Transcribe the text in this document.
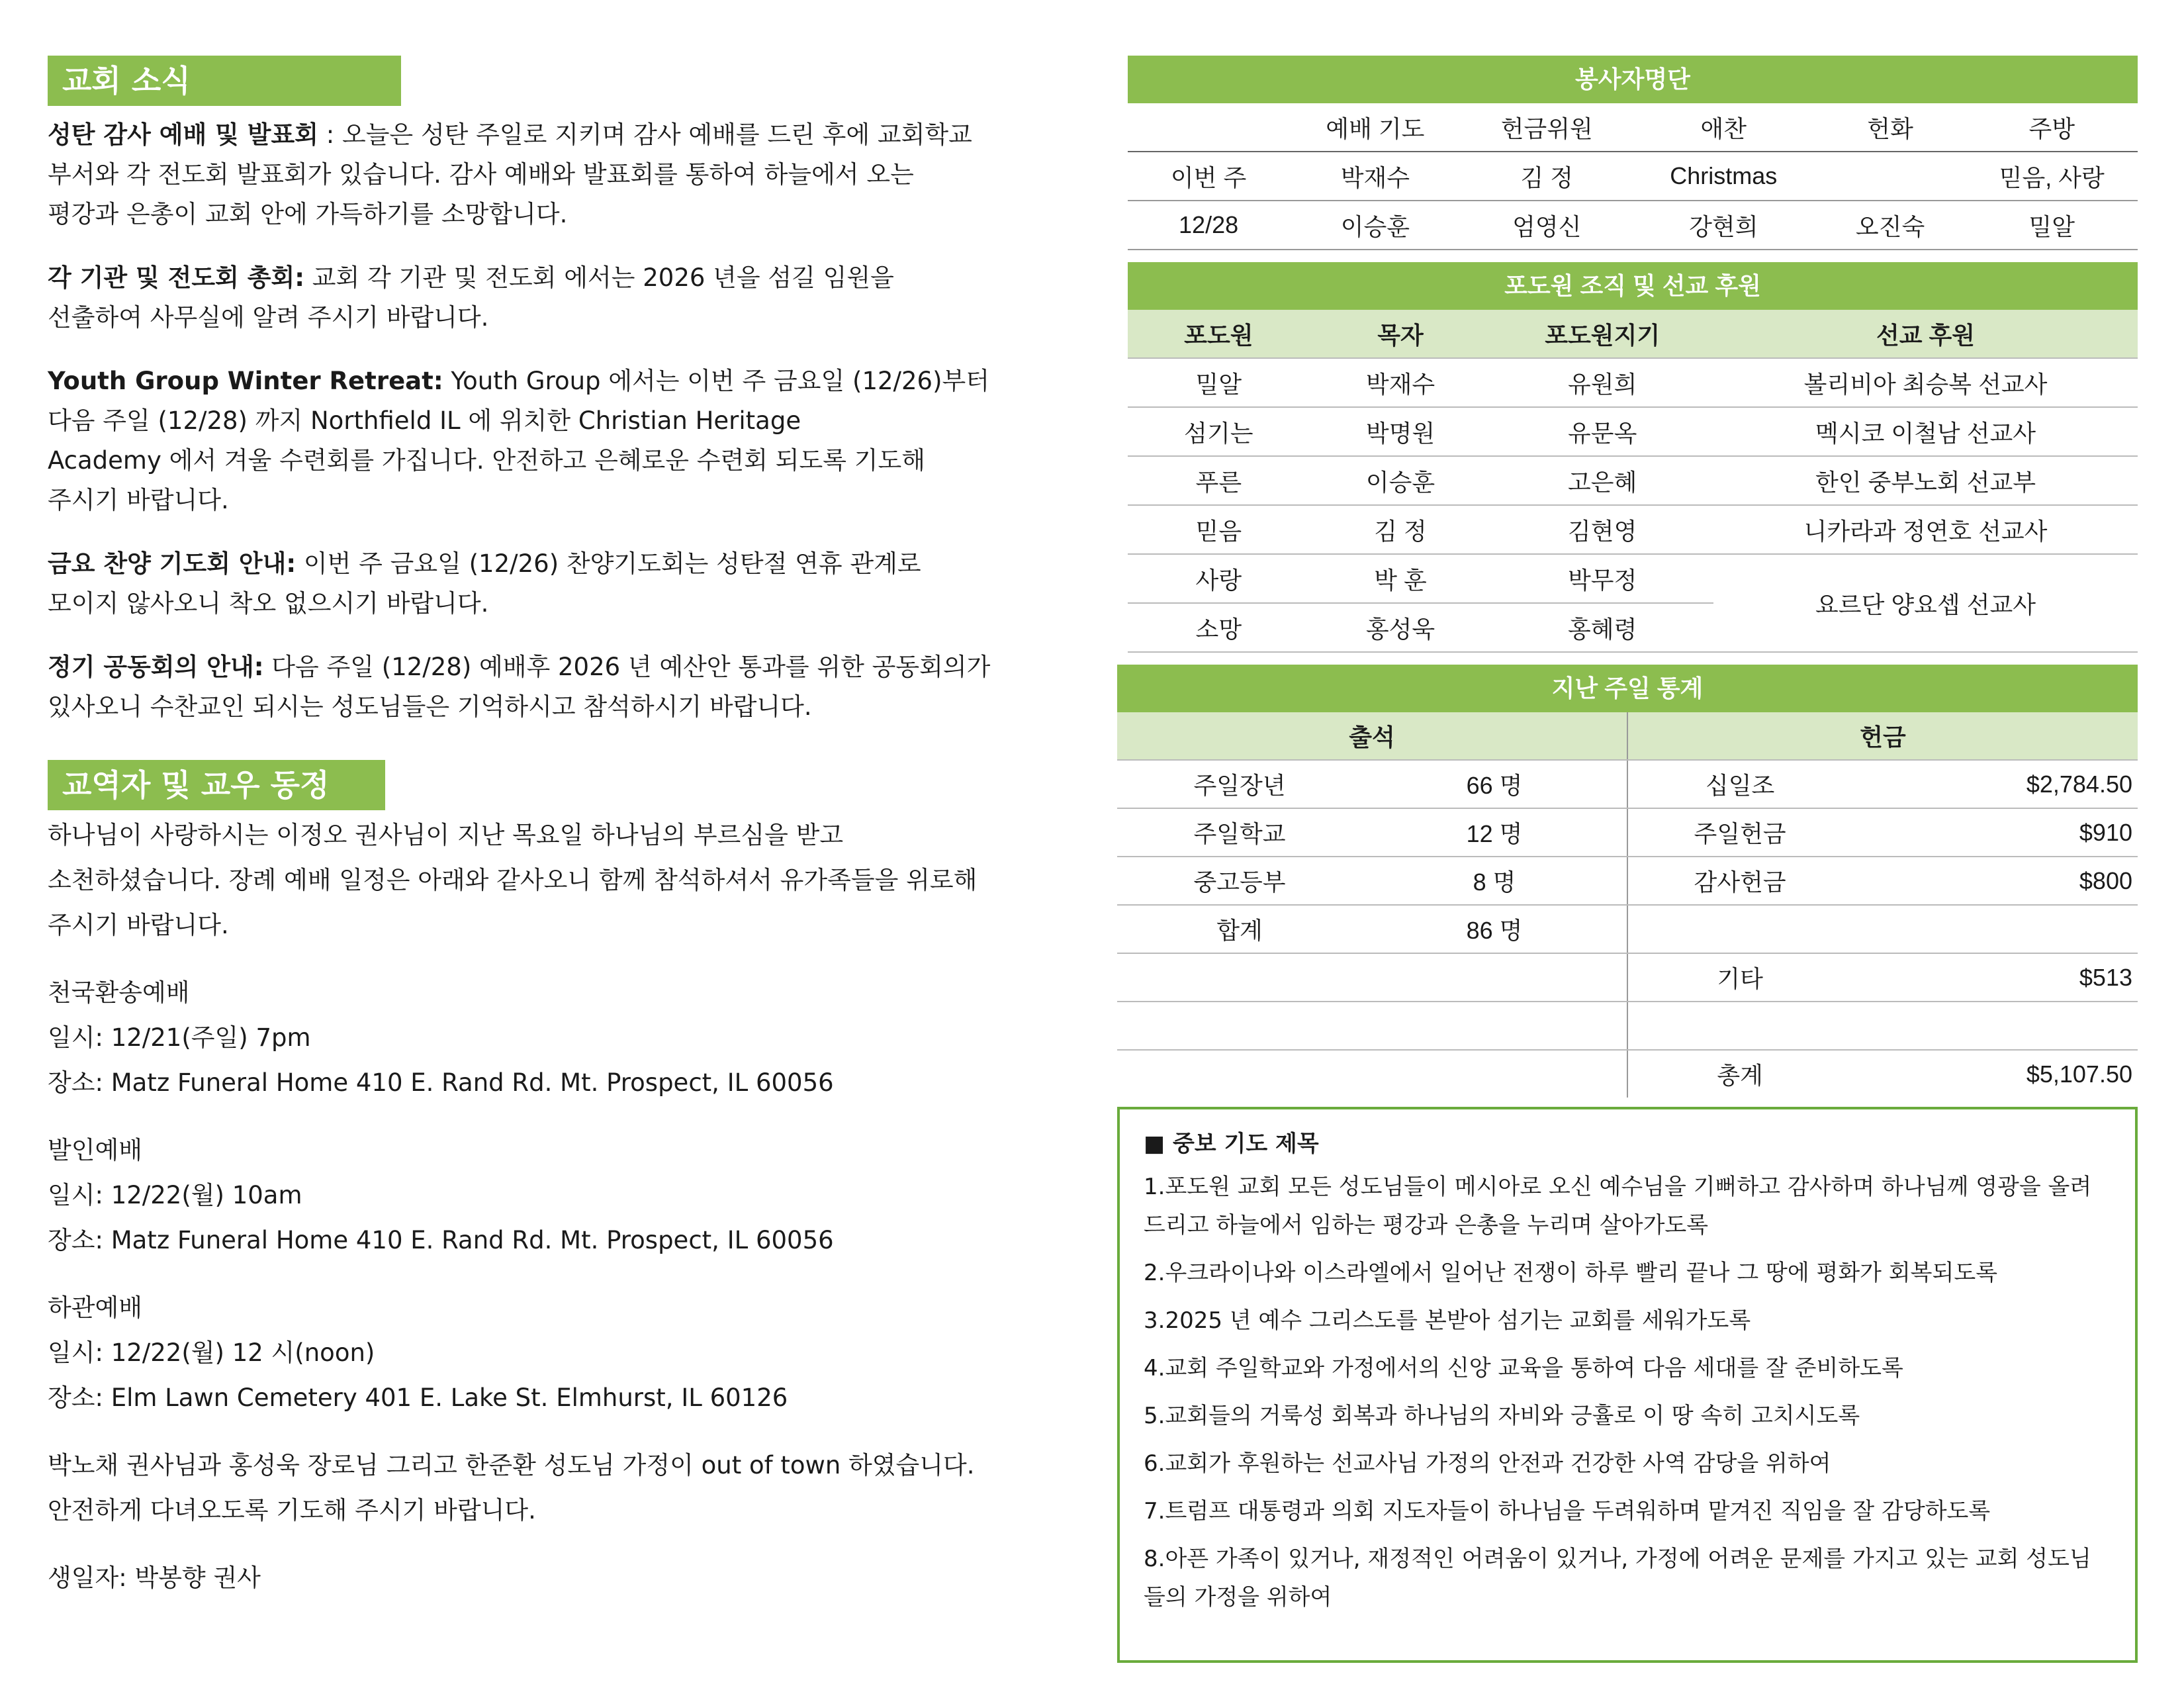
교회 소식
성탄 감사 예배 및 발표회 : 오늘은 성탄 주일로 지키며 감사 예배를 드린 후에 교회학교
부서와 각 전도회 발표회가 있습니다. 감사 예배와 발표회를 통하여 하늘에서 오는
평강과 은총이 교회 안에 가득하기를 소망합니다.
각 기관 및 전도회 총회: 교회 각 기관 및 전도회 에서는 2026 년을 섬길 임원을
선출하여 사무실에 알려 주시기 바랍니다.
Youth Group Winter Retreat: Youth Group 에서는 이번 주 금요일 (12/26)부터
다음 주일 (12/28) 까지 Northfield IL 에 위치한 Christian Heritage
Academy 에서 겨울 수련회를 가집니다. 안전하고 은혜로운 수련회 되도록 기도해
주시기 바랍니다.
금요 찬양 기도회 안내: 이번 주 금요일 (12/26) 찬양기도회는 성탄절 연휴 관계로
모이지 않사오니 착오 없으시기 바랍니다.
정기 공동회의 안내: 다음 주일 (12/28) 예배후 2026 년 예산안 통과를 위한 공동회의가
있사오니 수찬교인 되시는 성도님들은 기억하시고 참석하시기 바랍니다.
교역자 및 교우 동정
하나님이 사랑하시는 이정오 권사님이 지난 목요일 하나님의 부르심을 받고
소천하셨습니다. 장례 예배 일정은 아래와 같사오니 함께 참석하셔서 유가족들을 위로해
주시기 바랍니다.
천국환송예배
일시: 12/21(주일) 7pm
장소: Matz Funeral Home 410 E. Rand Rd. Mt. Prospect, IL 60056
발인예배
일시: 12/22(월) 10am
장소: Matz Funeral Home 410 E. Rand Rd. Mt. Prospect, IL 60056
하관예배
일시: 12/22(월) 12 시(noon)
장소: Elm Lawn Cemetery 401 E. Lake St. Elmhurst, IL 60126
박노채 권사님과 홍성욱 장로님 그리고 한준환 성도님 가정이 out of town 하였습니다.
안전하게 다녀오도록 기도해 주시기 바랍니다.
생일자: 박봉향 권사
봉사자명단					
	예배 기도	헌금위원	애찬	헌화	주방
이번 주	박재수	김 정	Christmas		믿음, 사랑
12/28	이승훈	엄영신	강현희	오진숙	밀알
포도원 조직 및 선교 후원			
포도원	목자	포도원지기	선교 후원
밀알	박재수	유원희	볼리비아 최승복 선교사
섬기는	박명원	유문옥	멕시코 이철남 선교사
푸른	이승훈	고은혜	한인 중부노회 선교부
믿음	김 정	김현영	니카라과 정연호 선교사
사랑	박 훈	박무정	요르단 양요셉 선교사
소망	홍성욱	홍혜령	
지난 주일 통계			
출석		헌금	
주일장년	66 명	십일조	$2,784.50
주일학교	12 명	주일헌금	$910
중고등부	8 명	감사헌금	$800
합계	86 명		
		기타	$513

		총계	$5,107.50
■ 중보 기도 제목
1.포도원 교회 모든 성도님들이 메시아로 오신 예수님을 기뻐하고 감사하며 하나님께 영광을 올려드리고 하늘에서 임하는 평강과 은총을 누리며 살아가도록
2.우크라이나와 이스라엘에서 일어난 전쟁이 하루 빨리 끝나 그 땅에 평화가 회복되도록
3.2025 년 예수 그리스도를 본받아 섬기는 교회를 세워가도록
4.교회 주일학교와 가정에서의 신앙 교육을 통하여 다음 세대를 잘 준비하도록
5.교회들의 거룩성 회복과 하나님의 자비와 긍휼로 이 땅 속히 고치시도록
6.교회가 후원하는 선교사님 가정의 안전과 건강한 사역 감당을 위하여
7.트럼프 대통령과 의회 지도자들이 하나님을 두려워하며 맡겨진 직임을 잘 감당하도록
8.아픈 가족이 있거나, 재정적인 어려움이 있거나, 가정에 어려운 문제를 가지고 있는 교회 성도님들의 가정을 위하여
